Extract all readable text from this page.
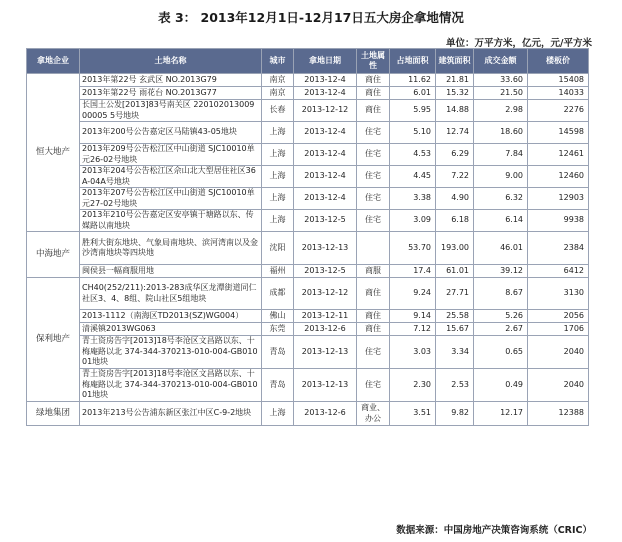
表 3： 2013年12月1日-12月17日五大房企拿地情况
单位：万平方米，亿元，元/平方米
拿地企业	土地名称	城市	拿地日期	土地属性	占地面积	建筑面积	成交金额	楼板价
恒大地产	2013年第22号 玄武区 NO.2013G79	南京	2013-12-4	商住	11.62	21.81	33.60	15408
	2013年第22号 雨花台 NO.2013G77	南京	2013-12-4	商住	6.01	15.32	21.50	14033
	长国土公发[2013]83号南关区 22010201300900005 5号地块	长春	2013-12-12	商住	5.95	14.88	2.98	2276
	2013年200号公告嘉定区马陆镇43-05地块	上海	2013-12-4	住宅	5.10	12.74	18.60	14598
	2013年209号公告松江区中山街道 SJC10010单元26-02号地块	上海	2013-12-4	住宅	4.53	6.29	7.84	12461
	2013年204号公告松江区佘山北大型居住社区36A-04A号地块	上海	2013-12-4	住宅	4.45	7.22	9.00	12460
	2013年207号公告松江区中山街道 SJC10010单元27-02号地块	上海	2013-12-4	住宅	3.38	4.90	6.32	12903
	2013年210号公告嘉定区安亭镇于塘路以东、传媒路以南地块	上海	2013-12-5	住宅	3.09	6.18	6.14	9938
中海地产	胜利大街东地块、气象局南地块、滨河湾南以及金沙湾南地块等四块地	沈阳	2013-12-13		53.70	193.00	46.01	2384
	闽侯县一幅商服用地	福州	2013-12-5	商服	17.4	61.01	39.12	6412
保利地产	CH40(252/211):2013-283成华区龙潭街道同仁社区3、4、8组、院山社区5组地块	成都	2013-12-12	商住	9.24	27.71	8.67	3130
	2013-1112（南海区TD2013(SZ)WG004）	佛山	2013-12-11	商住	9.14	25.58	5.26	2056
	清溪镇2013WG063	东莞	2013-12-6	商住	7.12	15.67	2.67	1706
	青土资房告字[2013]18号李沧区文昌路以东、十梅庵路以北 374-344-370213-010-004-GB01001地块	青岛	2013-12-13	住宅	3.03	3.34	0.65	2040
	青土资房告字[2013]18号李沧区文昌路以东、十梅庵路以北 374-344-370213-010-004-GB01001地块	青岛	2013-12-13	住宅	2.30	2.53	0.49	2040
绿地集团	2013年213号公告浦东新区张江中区C-9-2地块	上海	2013-12-6	商业、办公	3.51	9.82	12.17	12388
数据来源：中国房地产决策咨询系统（CRIC）
